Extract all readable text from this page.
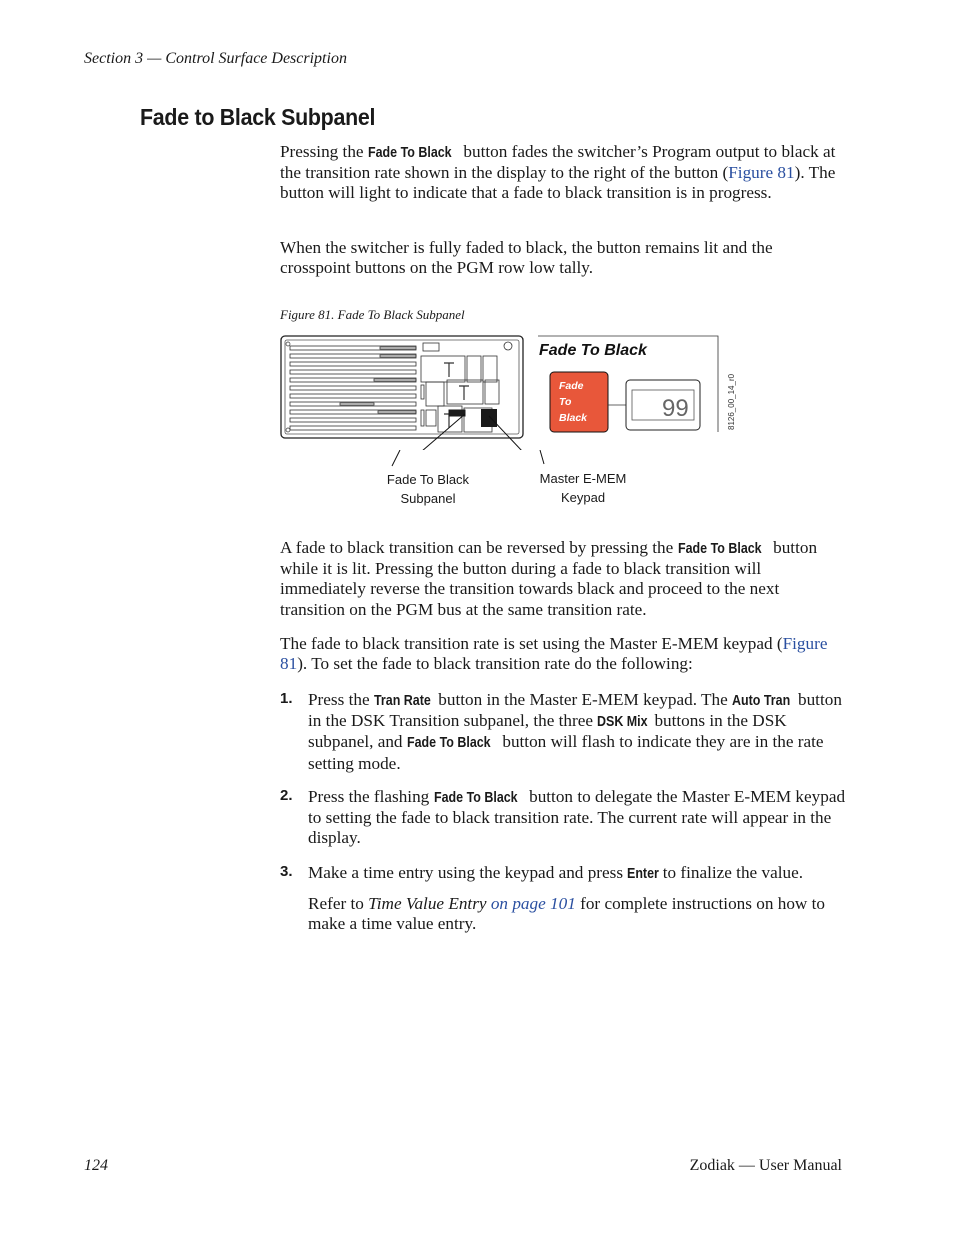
Section 3 — Control Surface Description
Fade to Black Subpanel
Pressing the Fade To Black button fades the switcher’s Program output to black at the transition rate shown in the display to the right of the button (Figure 81). The button will light to indicate that a fade to black transition is in progress.
When the switcher is fully faded to black, the button remains lit and the crosspoint buttons on the PGM row low tally.
Figure 81. Fade To Black Subpanel
Fade To Black
Fade
To
Black	99	8126_00_14_r0
Fade To Black
Subpanel
Master E-MEM
Keypad
A fade to black transition can be reversed by pressing the Fade To Black button while it is lit. Pressing the button during a fade to black transition will immediately reverse the transition towards black and proceed to the next transition on the PGM bus at the same transition rate.
The fade to black transition rate is set using the Master E-MEM keypad (Figure 81). To set the fade to black transition rate do the following:
1. Press the Tran Rate button in the Master E-MEM keypad. The Auto Tran button in the DSK Transition subpanel, the three DSK Mix buttons in the DSK subpanel, and Fade To Black button will flash to indicate they are in the rate setting mode.
2. Press the flashing Fade To Black button to delegate the Master E-MEM keypad to setting the fade to black transition rate. The current rate will appear in the display.
3. Make a time entry using the keypad and press Enter to finalize the value.
Refer to Time Value Entry on page 101 for complete instructions on how to make a time value entry.
124	Zodiak — User Manual
